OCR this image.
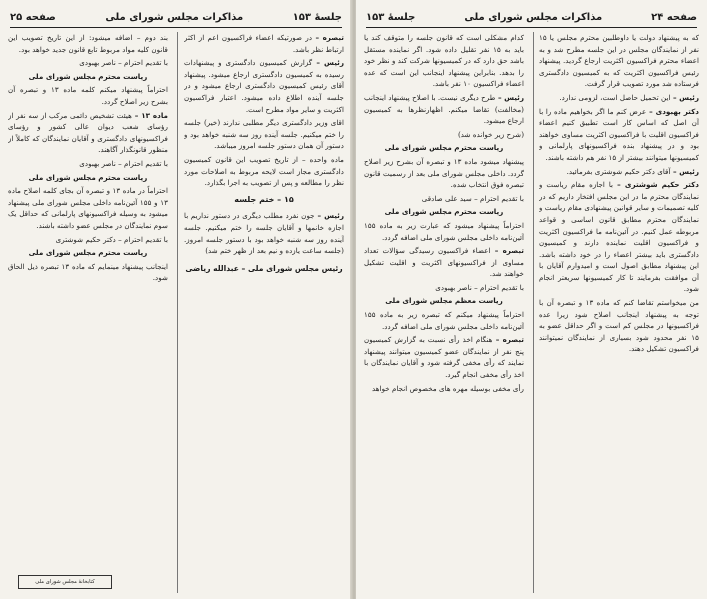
جلسهٔ ۱۵۳
مذاکرات مجلس شورای ملی
صفحه ۲۵

تبصره – در صورتیکه اعضاء فراکسیون اعم از اکثر ارتباط نظر باشد.

رئیس – گزارش کمیسیون دادگستری و پیشنهادات رسیده به کمیسیون دادگستری ارجاع میشود. پیشنهاد آقای رئیس کمیسیون دادگستری ارجاع میشود و در جلسه آینده اطلاع داده میشود. اعتبار فراکسیون اکثریت و سایر مواد مطرح است.

اقای وزیر دادگستری دیگر مطلبی ندارند (خیر) جلسه را ختم میکنیم. جلسه آینده روز سه شنبه خواهد بود و دستور آن همان دستور جلسه امروز میباشد.

ماده واحده – از تاریخ تصویب این قانون کمیسیون دادگستری مجاز است لایحه مربوط به اصلاحات مورد نظر را مطالعه و پس از تصویب به اجرا بگذارد.

۱۵ – ختم جلسه

رئیس – جون نفرد مطلب دیگری در دستور نداریم با اجازه خانمها و آقایان جلسه را ختم میکنیم. جلسه آینده روز سه شنبه خواهد بود با دستور جلسه امروز. (جلسه ساعت یازده و نیم بعد از ظهر ختم شد)

رئیس مجلس شورای ملی – عبدالله ریاضی

بند دوم – اضافه میشود: از این تاریخ تصویب این قانون کلیه مواد مربوط تابع قانون جدید خواهد بود.

با تقدیم احترام – ناصر بهبودی

ریاست محترم مجلس شورای ملی

احتراماً پیشنهاد میکنم کلمه ماده ۱۳ و تبصره آن بشرح زیر اصلاح گردد.

ماده ۱۳ – هیئت تشخیص دائمی مرکب از سه نفر از رؤسای شعب دیوان عالی کشور و رؤسای فراکسیونهای دادگستری و آقایان نمایندگان که کاملاً از منظور قانونگذار آگاهند.

با تقدیم احترام – ناصر بهبودی

ریاست محترم مجلس شورای ملی

احتراماً در ماده ۱۳ و تبصره آن بجای کلمه اصلاح ماده ۱۳ و ۱۵۵ آئین‌نامه داخلی مجلس شورای ملی پیشنهاد میشود به وسیله فراکسیونهای پارلمانی که حداقل یک سوم نمایندگان در مجلس عضو داشته باشند.

با تقدیم احترام – دکتر حکیم شوشتری

ریاست محترم مجلس شورای ملی

اینجانب پیشنهاد مینمایم که ماده ۱۳ تبصره ذیل الحاق شود.

کتابخانهٔ مجلس شورای ملی
صفحه ۲۴
مذاکرات مجلس شورای ملی
جلسهٔ ۱۵۳

که به پیشنهاد دولت یا داوطلبین محترم مجلس یا ۱۵ نفر از نمایندگان مجلس در این جلسه مطرح شد و به اعضاء محترم فراکسیون اکثریت ارجاع گردید. پیشنهاد رئیس فراکسیون اکثریت که به کمیسیون دادگستری فرستاده شد مورد تصویب قرار گرفت.

رئیس – این تحمیل حاصل است، لزومی ندارد.

دکتر بهبودی – عرض کنم ما اگر بخواهیم ماده را با آن اصل که اساس کار است تطبیق کنیم اعضاء فراکسیون اقلیت با فراکسیون اکثریت مساوی خواهند بود و در پیشنهاد بنده فراکسیونهای پارلمانی و کمیسیونها میتوانند بیشتر از ۱۵ نفر هم داشته باشند.

رئیس – آقای دکتر حکیم شوشتری بفرمائید.

دکتر حکیم شوشتری – با اجازه مقام ریاست و نمایندگان محترم ما در این مجلس افتخار داریم که در کلیه تصمیمات و سایر قوانین پیشنهادی مقام ریاست و نمایندگان محترم مطابق قانون اساسی و قواعد مربوطه عمل کنیم. در آئین‌نامه ما فراکسیون اکثریت و فراکسیون اقلیت نماینده دارند و کمیسیون دادگستری باید بیشتر اعضاء را در خود داشته باشد. این پیشنهاد مطابق اصول است و امیدوارم آقایان با آن موافقت بفرمایند تا کار کمیسیونها سریعتر انجام شود.

من میخواستم تقاضا کنم که ماده ۱۳ و تبصره آن با توجه به پیشنهاد اینجانب اصلاح شود زیرا عده فراکسیونها در مجلس کم است و اگر حداقل عضو به ۱۵ نفر محدود شود بسیاری از نمایندگان نمیتوانند فراکسیون تشکیل دهند.

کدام مشکلی است که قانون جلسه را متوقف کند یا باید به ۱۵ نفر تقلیل داده شود. اگر نماینده مستقل باشد حق دارد که در کمیسیونها شرکت کند و نظر خود را بدهد. بنابراین پیشنهاد اینجانب این است که عده اعضاء فراکسیون ۱۰ نفر باشد.

رئیس – طرح دیگری نیست. با اصلاح پیشنهاد اینجانب (مخالفت) تقاضا میکنم. اظهارنظرها به کمیسیون ارجاع میشود.

(شرح زیر خوانده شد)

ریاست محترم مجلس شورای ملی

پیشنهاد میشود ماده ۱۳ و تبصره آن بشرح زیر اصلاح گردد. داخلی مجلس شورای ملی بعد از رسمیت قانون تبصره فوق انتخاب شده.

با تقدیم احترام – سید علی صادقی

ریاست محترم مجلس شورای ملی

احتراماً پیشنهاد میشود که عبارت زیر به ماده ۱۵۵ آئین‌نامه داخلی مجلس شورای ملی اضافه گردد.

تبصره – اعضاء فراکسیون رسیدگی سؤالات تعداد مساوی از فراکسیونهای اکثریت و اقلیت تشکیل خواهند شد.

با تقدیم احترام – ناصر بهبودی

ریاست معظم مجلس شورای ملی

احتراماً پیشنهاد میکنم که تبصره زیر به ماده ۱۵۵ آئین‌نامه داخلی مجلس شورای ملی اضافه گردد.

تبصره – هنگام اخذ رأی نسبت به گزارش کمیسیون پنج نفر از نمایندگان عضو کمیسیون میتوانند پیشنهاد نمایند که رأی مخفی گرفته شود و آقایان نمایندگان با اخذ رأی مخفی انجام گیرد.

رأی مخفی بوسیله مهره های مخصوص انجام خواهد
